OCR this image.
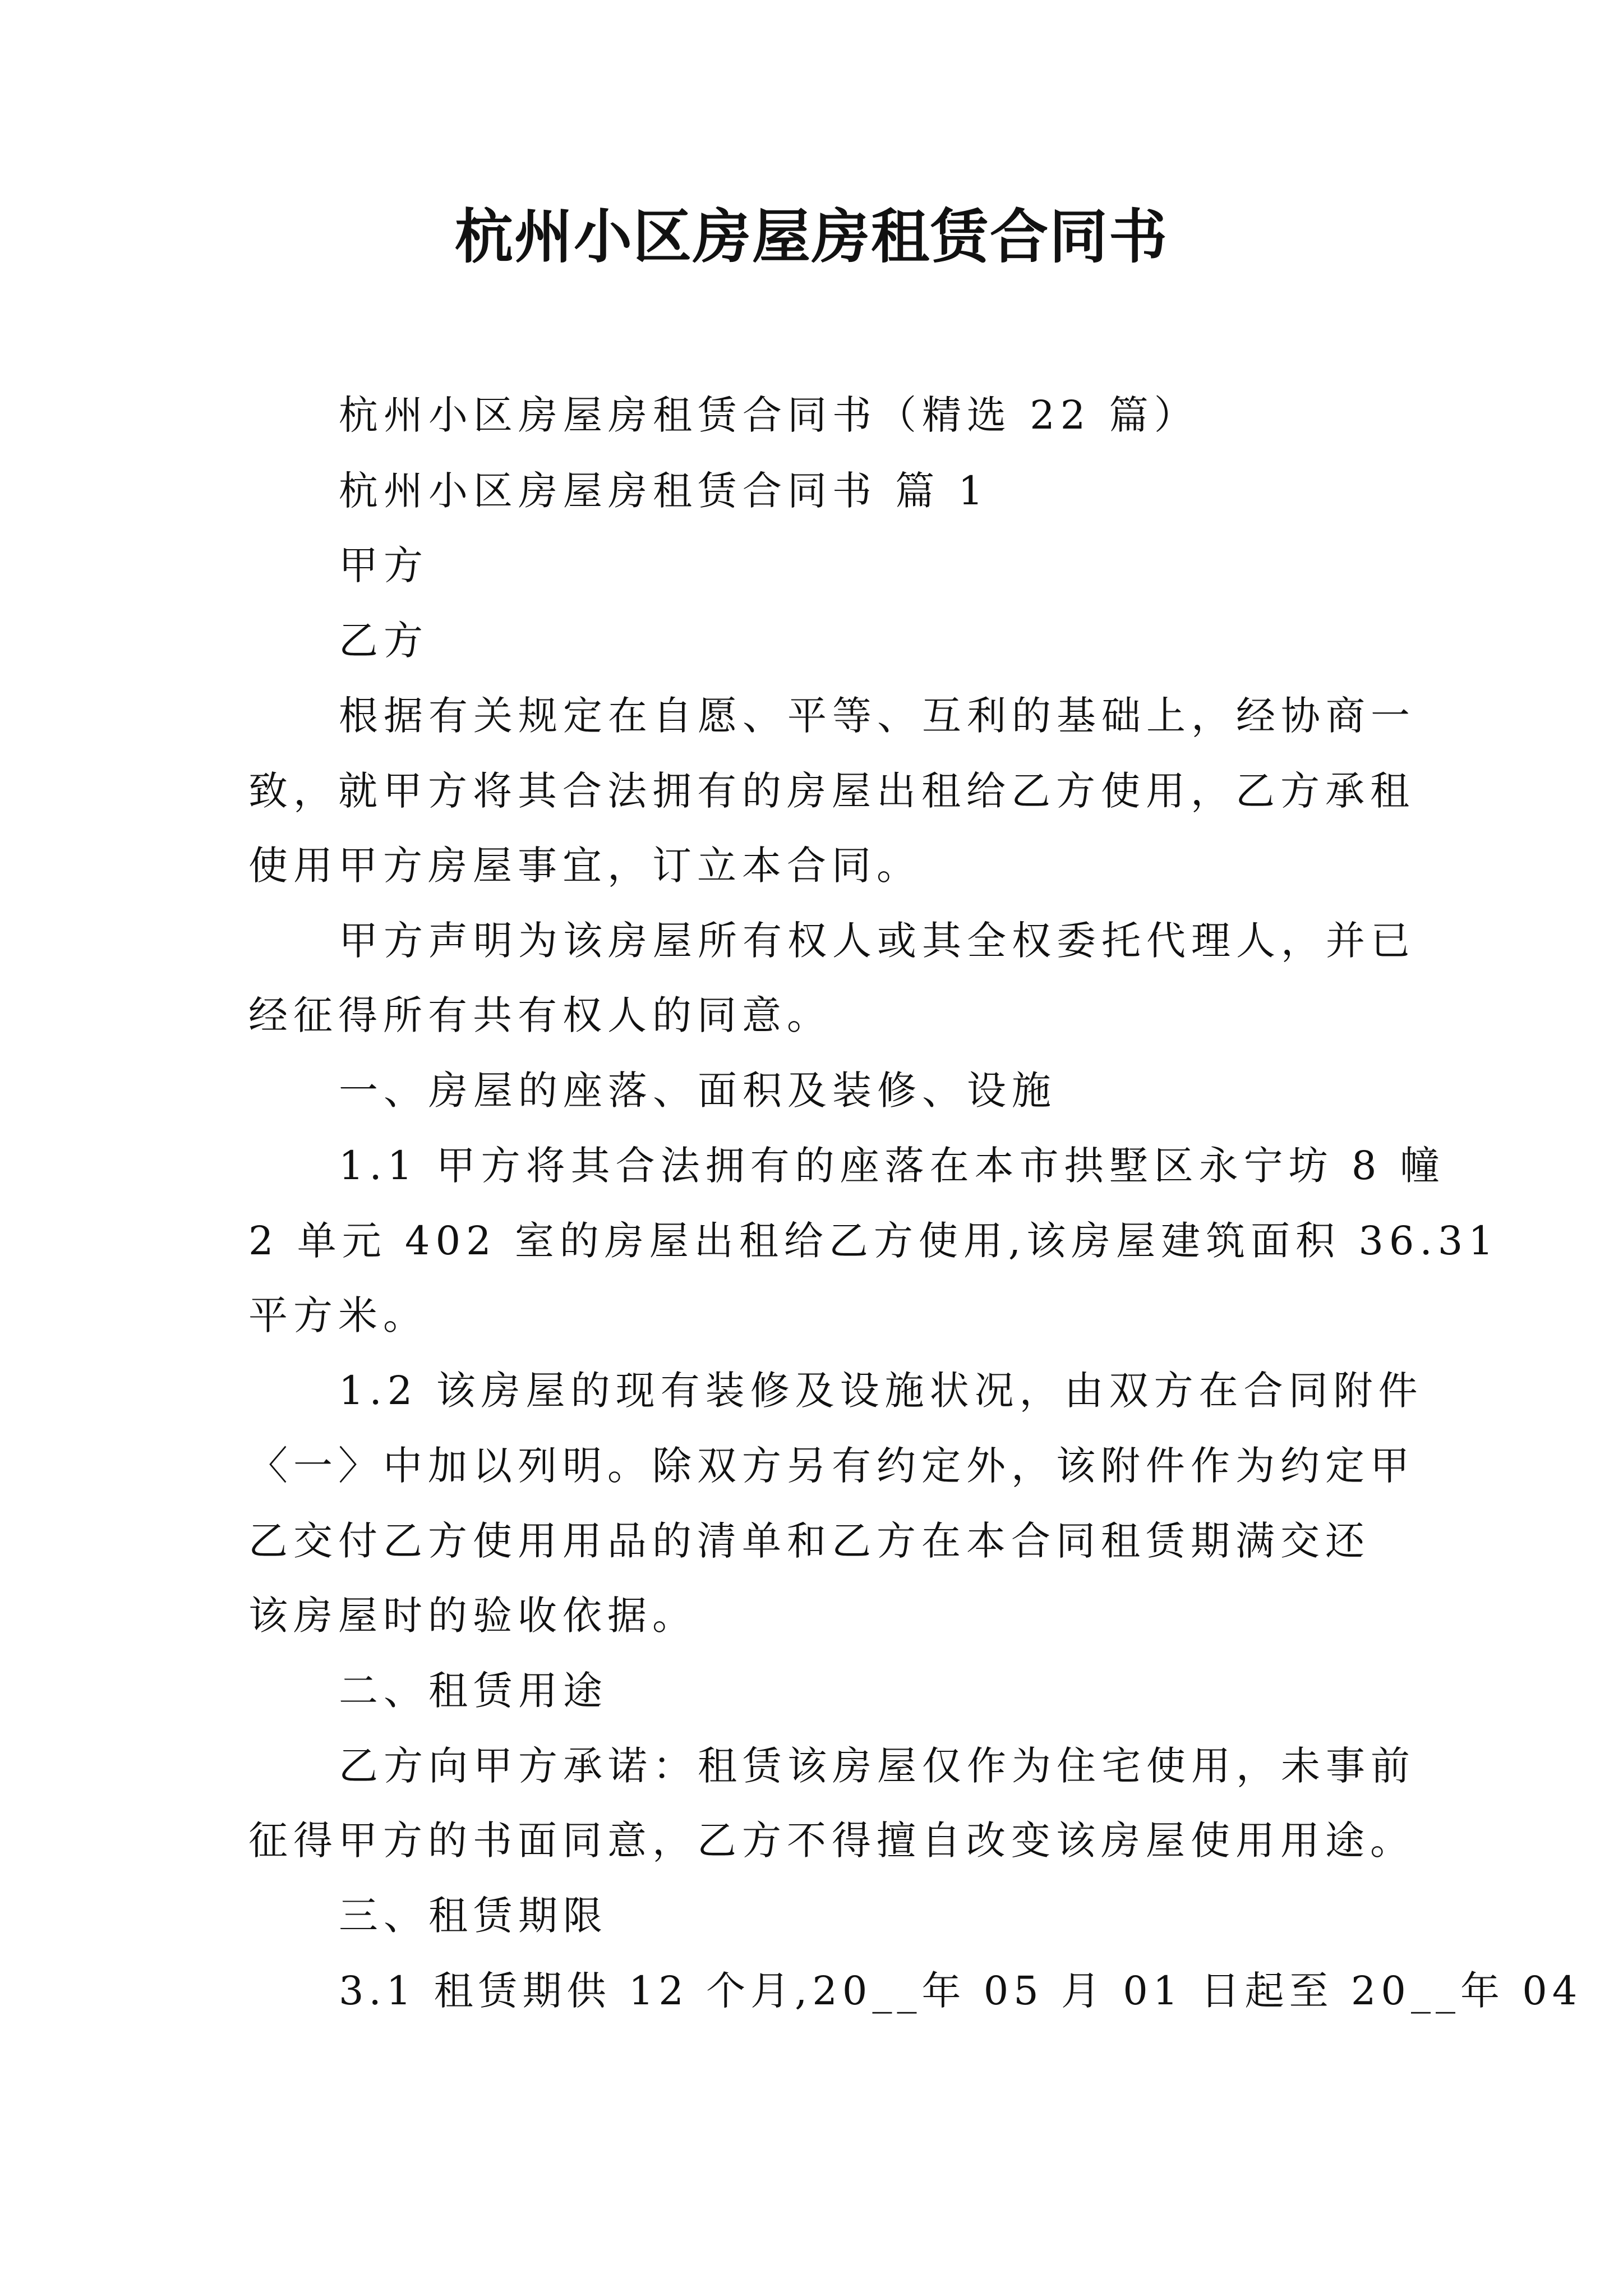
杭州小区房屋房租赁合同书
杭州小区房屋房租赁合同书（精选 22 篇）
杭州小区房屋房租赁合同书 篇 1
甲方
乙方
根据有关规定在自愿、平等、互利的基础上，经协商一
致，就甲方将其合法拥有的房屋出租给乙方使用，乙方承租
使用甲方房屋事宜，订立本合同。
甲方声明为该房屋所有权人或其全权委托代理人，并已
经征得所有共有权人的同意。
一、房屋的座落、面积及装修、设施
1.1 甲方将其合法拥有的座落在本市拱墅区永宁坊 8 幢
2 单元 402 室的房屋出租给乙方使用,该房屋建筑面积 36.31
平方米。
1.2 该房屋的现有装修及设施状况，由双方在合同附件
〈一〉中加以列明。除双方另有约定外，该附件作为约定甲
乙交付乙方使用用品的清单和乙方在本合同租赁期满交还
该房屋时的验收依据。
二、租赁用途
乙方向甲方承诺：租赁该房屋仅作为住宅使用，未事前
征得甲方的书面同意，乙方不得擅自改变该房屋使用用途。
三、租赁期限
3.1 租赁期供 12 个月,20__年 05 月 01 日起至 20__年 04
